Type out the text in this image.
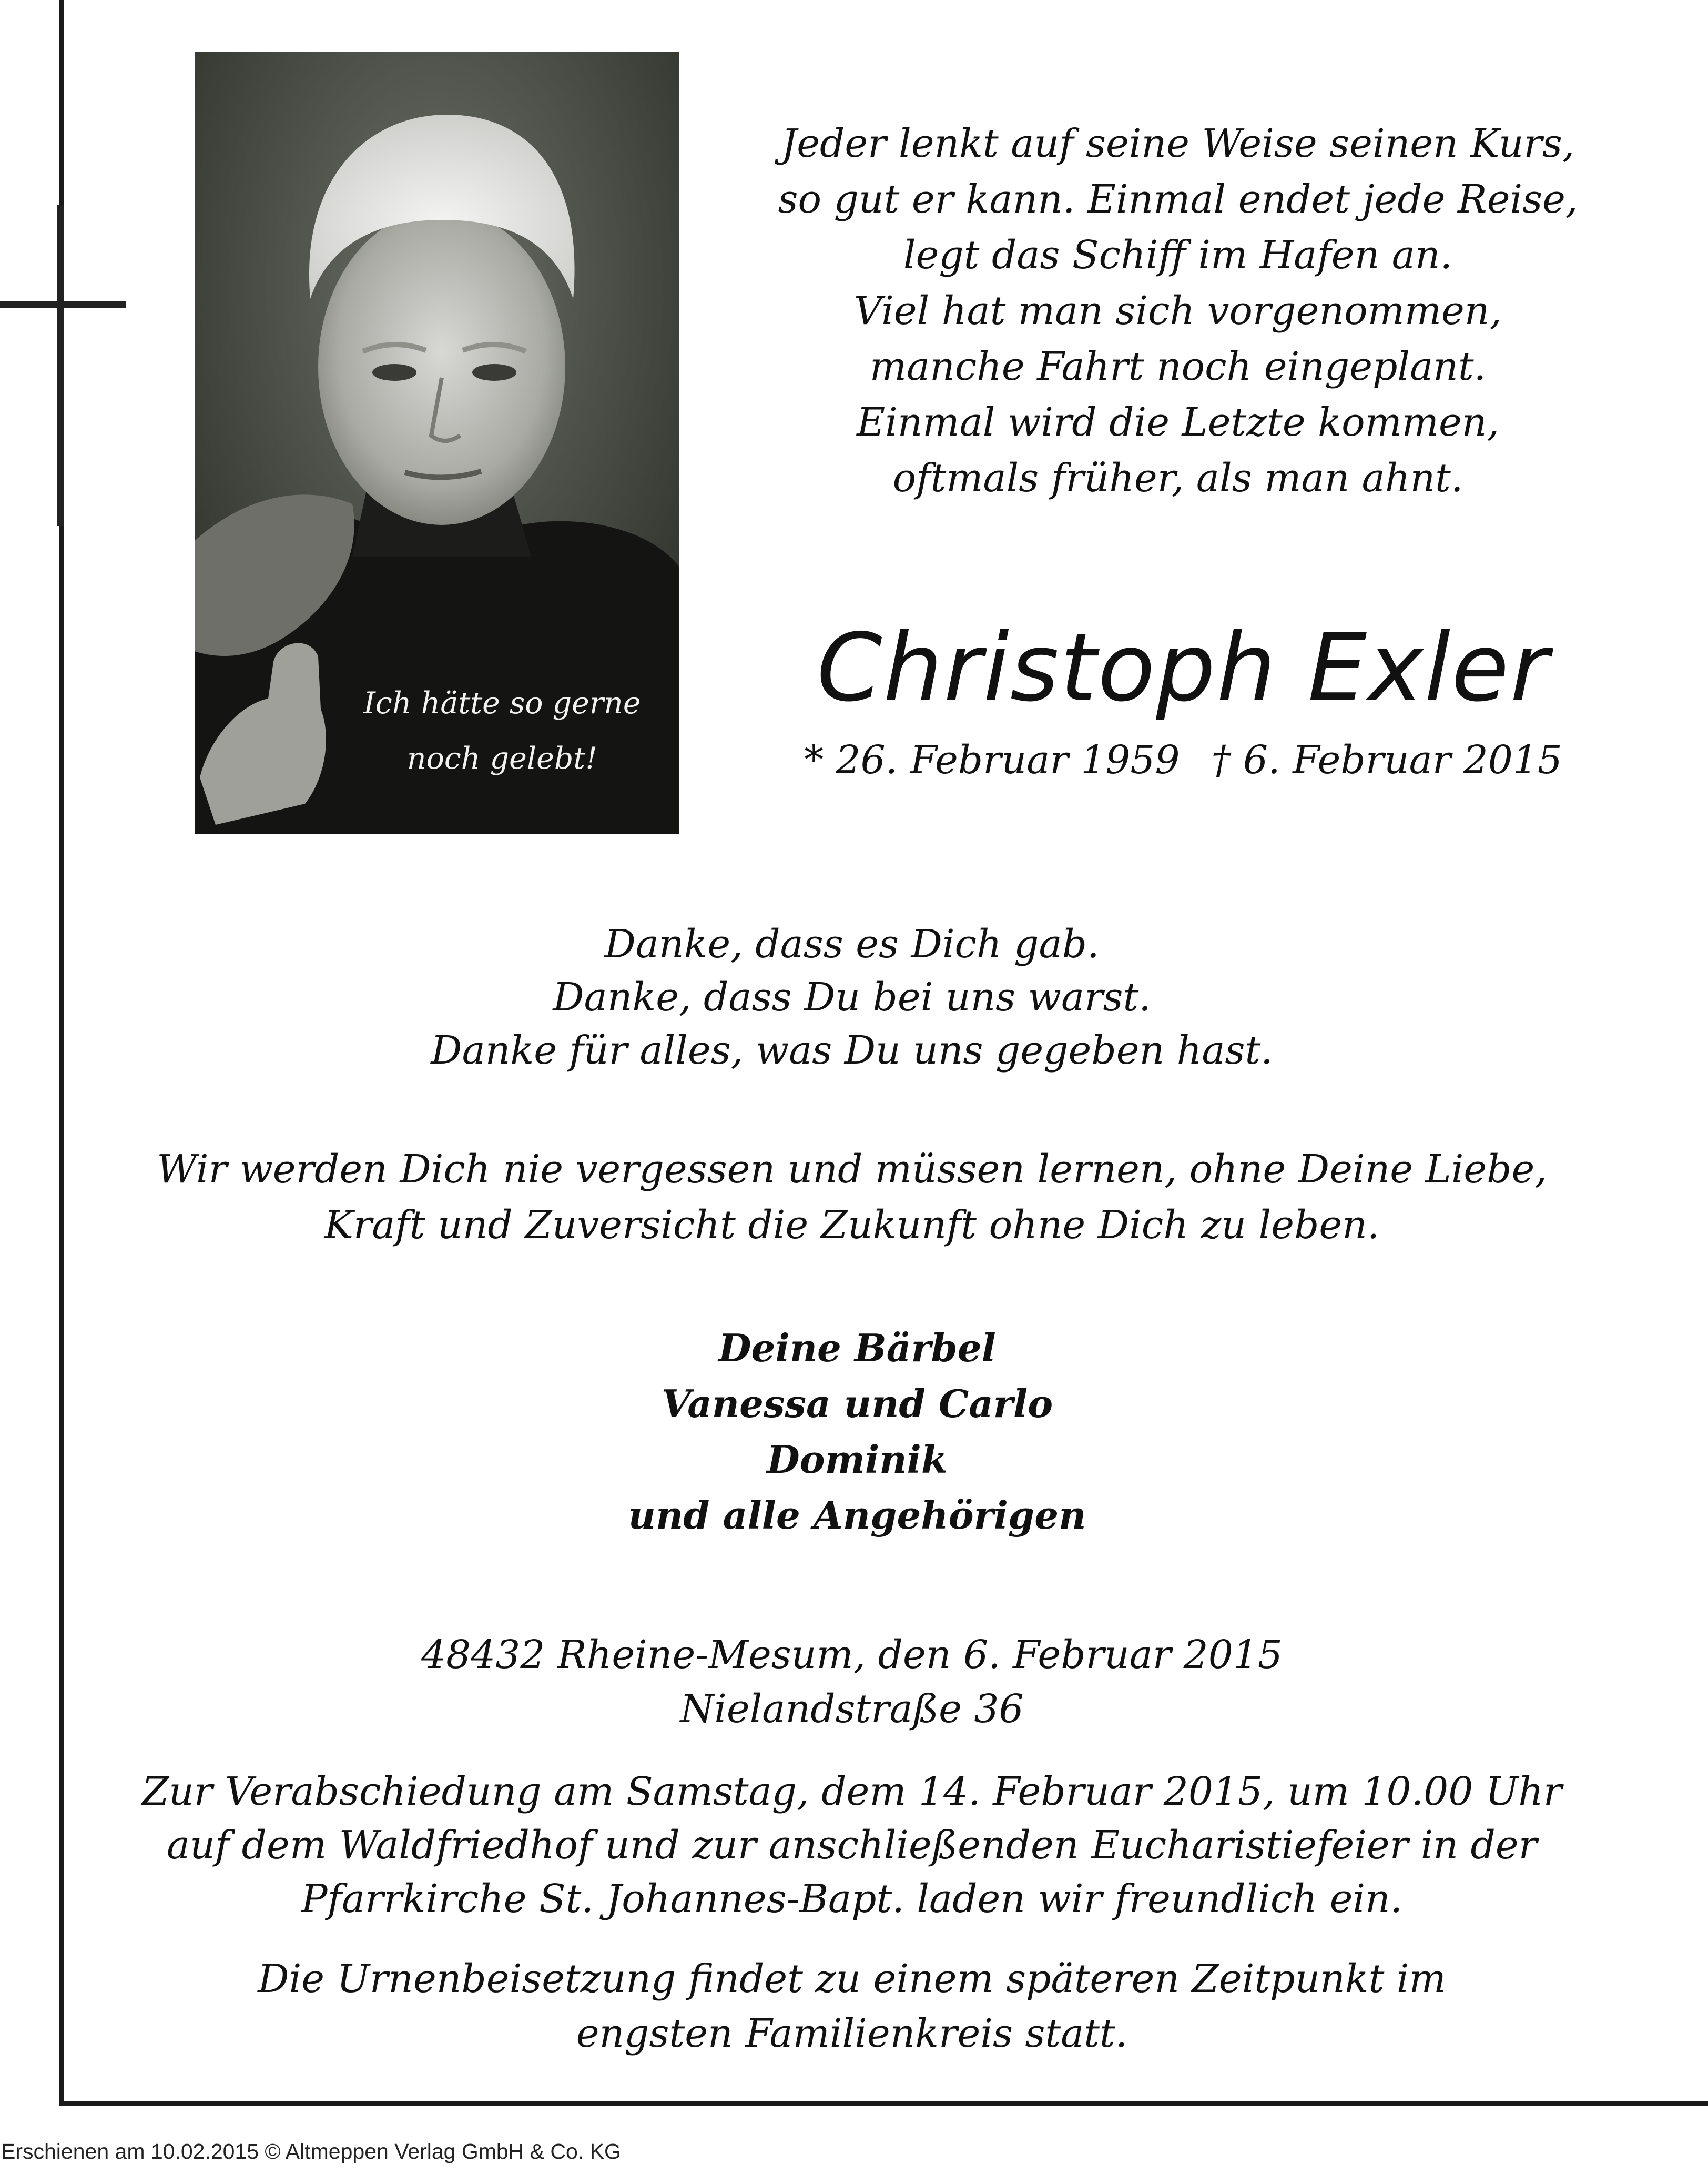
Ich hätte so gerne
noch gelebt!
Jeder lenkt auf seine Weise seinen Kurs,
so gut er kann. Einmal endet jede Reise,
legt das Schiff im Hafen an.
Viel hat man sich vorgenommen,
manche Fahrt noch eingeplant.
Einmal wird die Letzte kommen,
oftmals früher, als man ahnt.
Christoph Exler
* 26. Februar 1959 † 6. Februar 2015
Danke, dass es Dich gab.
Danke, dass Du bei uns warst.
Danke für alles, was Du uns gegeben hast.
Wir werden Dich nie vergessen und müssen lernen, ohne Deine Liebe,
Kraft und Zuversicht die Zukunft ohne Dich zu leben.
Deine Bärbel
Vanessa und Carlo
Dominik
und alle Angehörigen
48432 Rheine-Mesum, den 6. Februar 2015
Nielandstraße 36
Zur Verabschiedung am Samstag, dem 14. Februar 2015, um 10.00 Uhr
auf dem Waldfriedhof und zur anschließenden Eucharistiefeier in der
Pfarrkirche St. Johannes-Bapt. laden wir freundlich ein.
Die Urnenbeisetzung findet zu einem späteren Zeitpunkt im
engsten Familienkreis statt.
Erschienen am 10.02.2015 © Altmeppen Verlag GmbH & Co. KG
